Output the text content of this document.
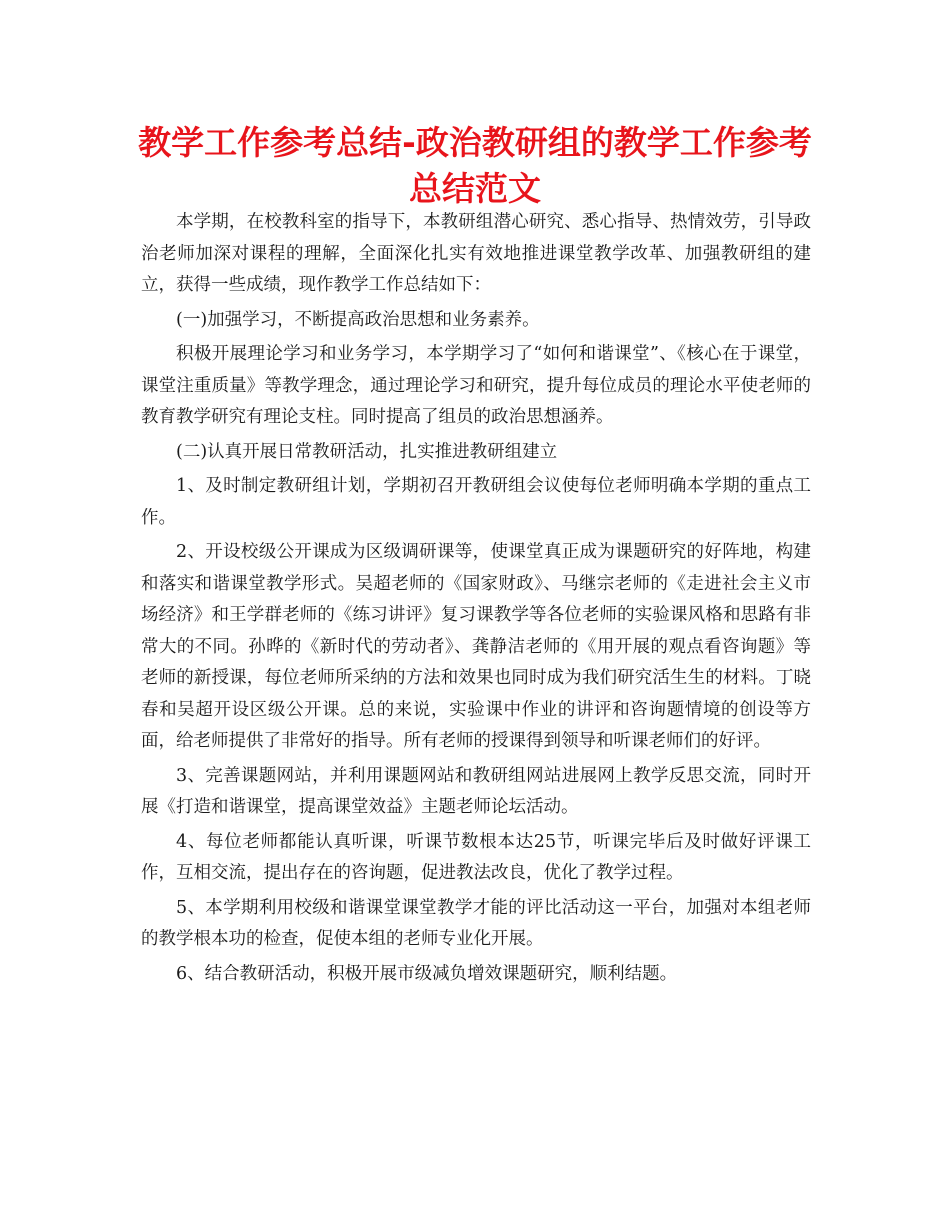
教学工作参考总结-政治教研组的教学工作参考总结范文

本学期，在校教科室的指导下，本教研组潜心研究、悉心指导、热情效劳，引导政治老师加深对课程的理解，全面深化扎实有效地推进课堂教学改革、加强教研组的建立，获得一些成绩，现作教学工作总结如下：

(一)加强学习，不断提高政治思想和业务素养。

积极开展理论学习和业务学习，本学期学习了“如何和谐课堂”、《核心在于课堂，课堂注重质量》等教学理念，通过理论学习和研究，提升每位成员的理论水平使老师的教育教学研究有理论支柱。同时提高了组员的政治思想涵养。

(二)认真开展日常教研活动，扎实推进教研组建立

1、及时制定教研组计划，学期初召开教研组会议使每位老师明确本学期的重点工作。

2、开设校级公开课成为区级调研课等，使课堂真正成为课题研究的好阵地，构建和落实和谐课堂教学形式。吴超老师的《国家财政》、马继宗老师的《走进社会主义市场经济》和王学群老师的《练习讲评》复习课教学等各位老师的实验课风格和思路有非常大的不同。孙晔的《新时代的劳动者》、龚静洁老师的《用开展的观点看咨询题》等老师的新授课，每位老师所采纳的方法和效果也同时成为我们研究活生生的材料。丁晓春和吴超开设区级公开课。总的来说，实验课中作业的讲评和咨询题情境的创设等方面，给老师提供了非常好的指导。所有老师的授课得到领导和听课老师们的好评。

3、完善课题网站，并利用课题网站和教研组网站进展网上教学反思交流，同时开展《打造和谐课堂，提高课堂效益》主题老师论坛活动。

4、每位老师都能认真听课，听课节数根本达25节，听课完毕后及时做好评课工作，互相交流，提出存在的咨询题，促进教法改良，优化了教学过程。

5、本学期利用校级和谐课堂课堂教学才能的评比活动这一平台，加强对本组老师的教学根本功的检查，促使本组的老师专业化开展。

6、结合教研活动，积极开展市级减负增效课题研究，顺利结题。
